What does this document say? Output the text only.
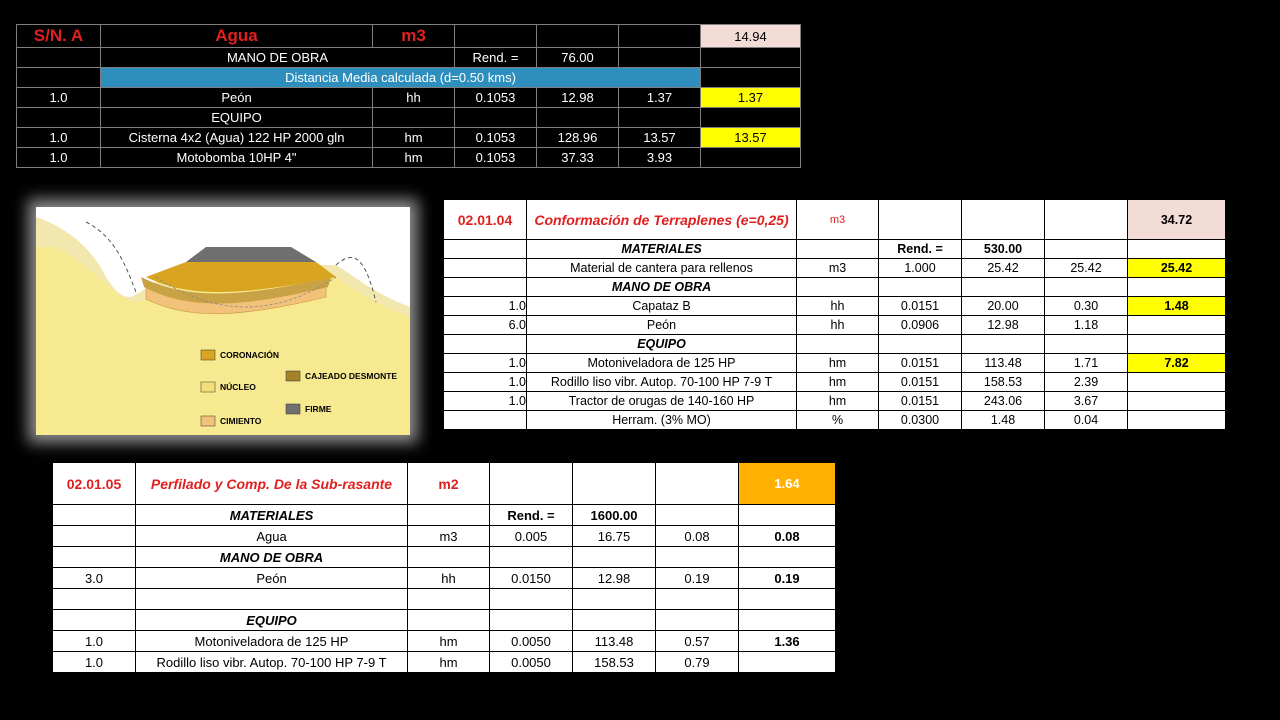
S/N. A	Agua	m3				14.94
	MANO DE OBRA		Rend. =	76.00		
	Distancia Media calculada (d=0.50 kms)					
1.0	Peón	hh	0.1053	12.98	1.37	1.37
	EQUIPO					
1.0	Cisterna 4x2 (Agua) 122 HP 2000 gln	hm	0.1053	128.96	13.57	13.57
1.0	Motobomba 10HP 4"	hm	0.1053	37.33	3.93	
CORONACIÓN
NÚCLEO
CIMIENTO
CAJEADO DESMONTE
FIRME
02.01.04	Conformación de Terraplenes (e=0,25)	m3				34.72
	MATERIALES		Rend. =	530.00		
	Material de cantera para rellenos	m3	1.000	25.42	25.42	25.42
	MANO DE OBRA					
1.0	Capataz B	hh	0.0151	20.00	0.30	1.48
6.0	Peón	hh	0.0906	12.98	1.18	
	EQUIPO					
1.0	Motoniveladora de 125 HP	hm	0.0151	113.48	1.71	7.82
1.0	Rodillo liso vibr. Autop. 70-100 HP 7-9 T	hm	0.0151	158.53	2.39	
1.0	Tractor de orugas de 140-160 HP	hm	0.0151	243.06	3.67	
	Herram. (3% MO)	%	0.0300	1.48	0.04	
02.01.05	Perfilado y Comp. De la Sub-rasante	m2				1.64
	MATERIALES		Rend. =	1600.00		
	Agua	m3	0.005	16.75	0.08	0.08
	MANO DE OBRA					
3.0	Peón	hh	0.0150	12.98	0.19	0.19

	EQUIPO					
1.0	Motoniveladora de 125 HP	hm	0.0050	113.48	0.57	1.36
1.0	Rodillo liso vibr. Autop. 70-100 HP 7-9 T	hm	0.0050	158.53	0.79	
